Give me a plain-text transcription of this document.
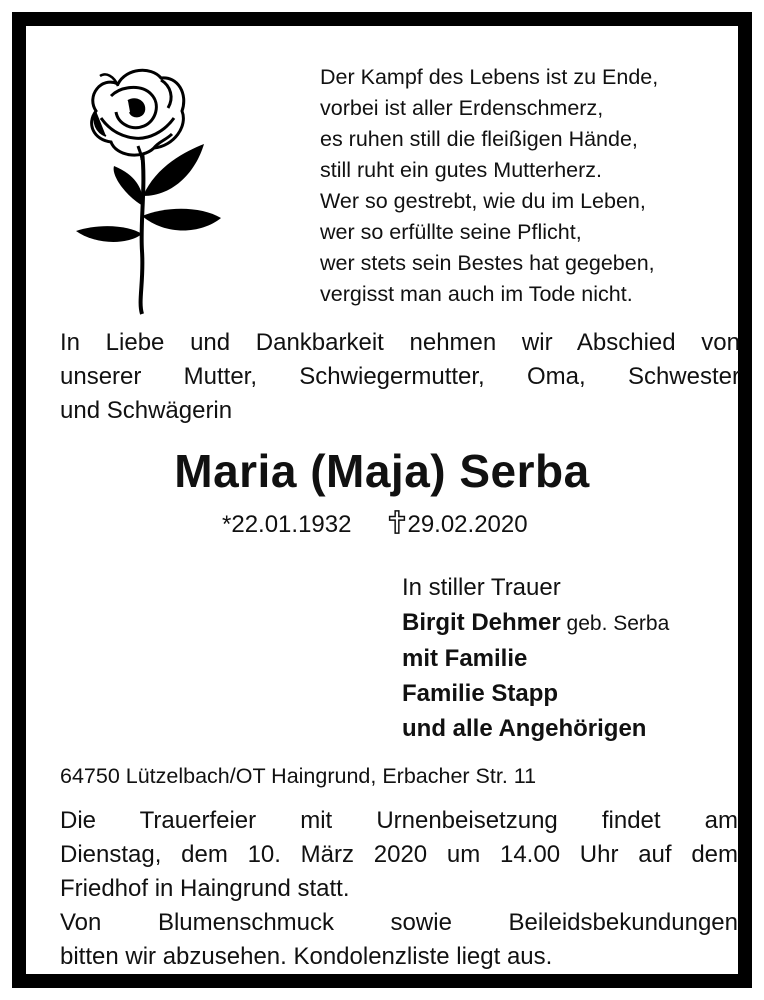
Der Kampf des Lebens ist zu Ende,
vorbei ist aller Erdenschmerz,
es ruhen still die fleißigen Hände,
still ruht ein gutes Mutterherz.
Wer so gestrebt, wie du im Leben,
wer so erfüllte seine Pflicht,
wer stets sein Bestes hat gegeben,
vergisst man auch im Tode nicht.
In Liebe und Dankbarkeit nehmen wir Abschied von
unserer Mutter, Schwiegermutter, Oma, Schwester
und Schwägerin
Maria (Maja) Serba
*22.01.1932 29.02.2020
In stiller Trauer
Birgit Dehmer geb. Serba
mit Familie
Familie Stapp
und alle Angehörigen
64750 Lützelbach/OT Haingrund, Erbacher Str. 11
Die Trauerfeier mit Urnenbeisetzung findet am
Dienstag, dem 10. März 2020 um 14.00 Uhr auf dem
Friedhof in Haingrund statt.
Von Blumenschmuck sowie Beileidsbekundungen
bitten wir abzusehen. Kondolenzliste liegt aus.
